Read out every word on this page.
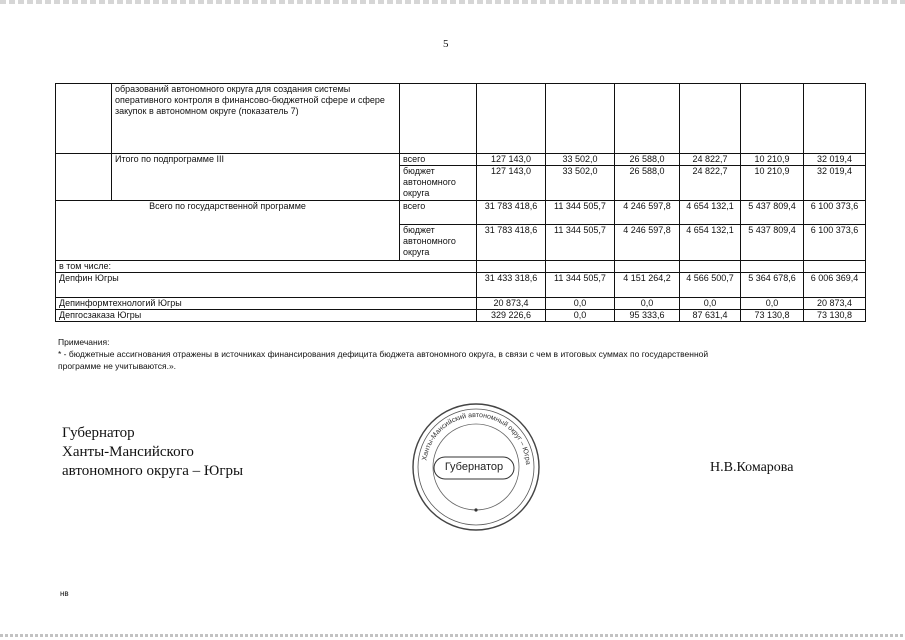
5
	образований автономного округа для создания системы оперативного контроля в финансово-бюджетной сфере и сфере закупок в автономном округе (показатель 7)							
	Итого по подпрограмме III	всего	127 143,0	33 502,0	26 588,0	24 822,7	10 210,9	32 019,4
		бюджет автономного округа	127 143,0	33 502,0	26 588,0	24 822,7	10 210,9	32 019,4
Всего по государственной программе		всего	31 783 418,6	11 344 505,7	4 246 597,8	4 654 132,1	5 437 809,4	6 100 373,6
		бюджет автономного округа	31 783 418,6	11 344 505,7	4 246 597,8	4 654 132,1	5 437 809,4	6 100 373,6
в том числе:								
Депфин Югры			31 433 318,6	11 344 505,7	4 151 264,2	4 566 500,7	5 364 678,6	6 006 369,4
Депинформтехнологий Югры			20 873,4	0,0	0,0	0,0	0,0	20 873,4
Депгосзаказа Югры			329 226,6	0,0	95 333,6	87 631,4	73 130,8	73 130,8

Примечания:

* - бюджетные ассигнования отражены в источниках финансирования дефицита бюджета автономного округа, в связи с чем в итоговых суммах по государственной

программе не учитываются.».

Губернатор
Ханты-Мансийского
автономного округа – Югры
Ханты-Мансийский автономный округ – Югра
Губернатор	Н.В.Комарова
нв
